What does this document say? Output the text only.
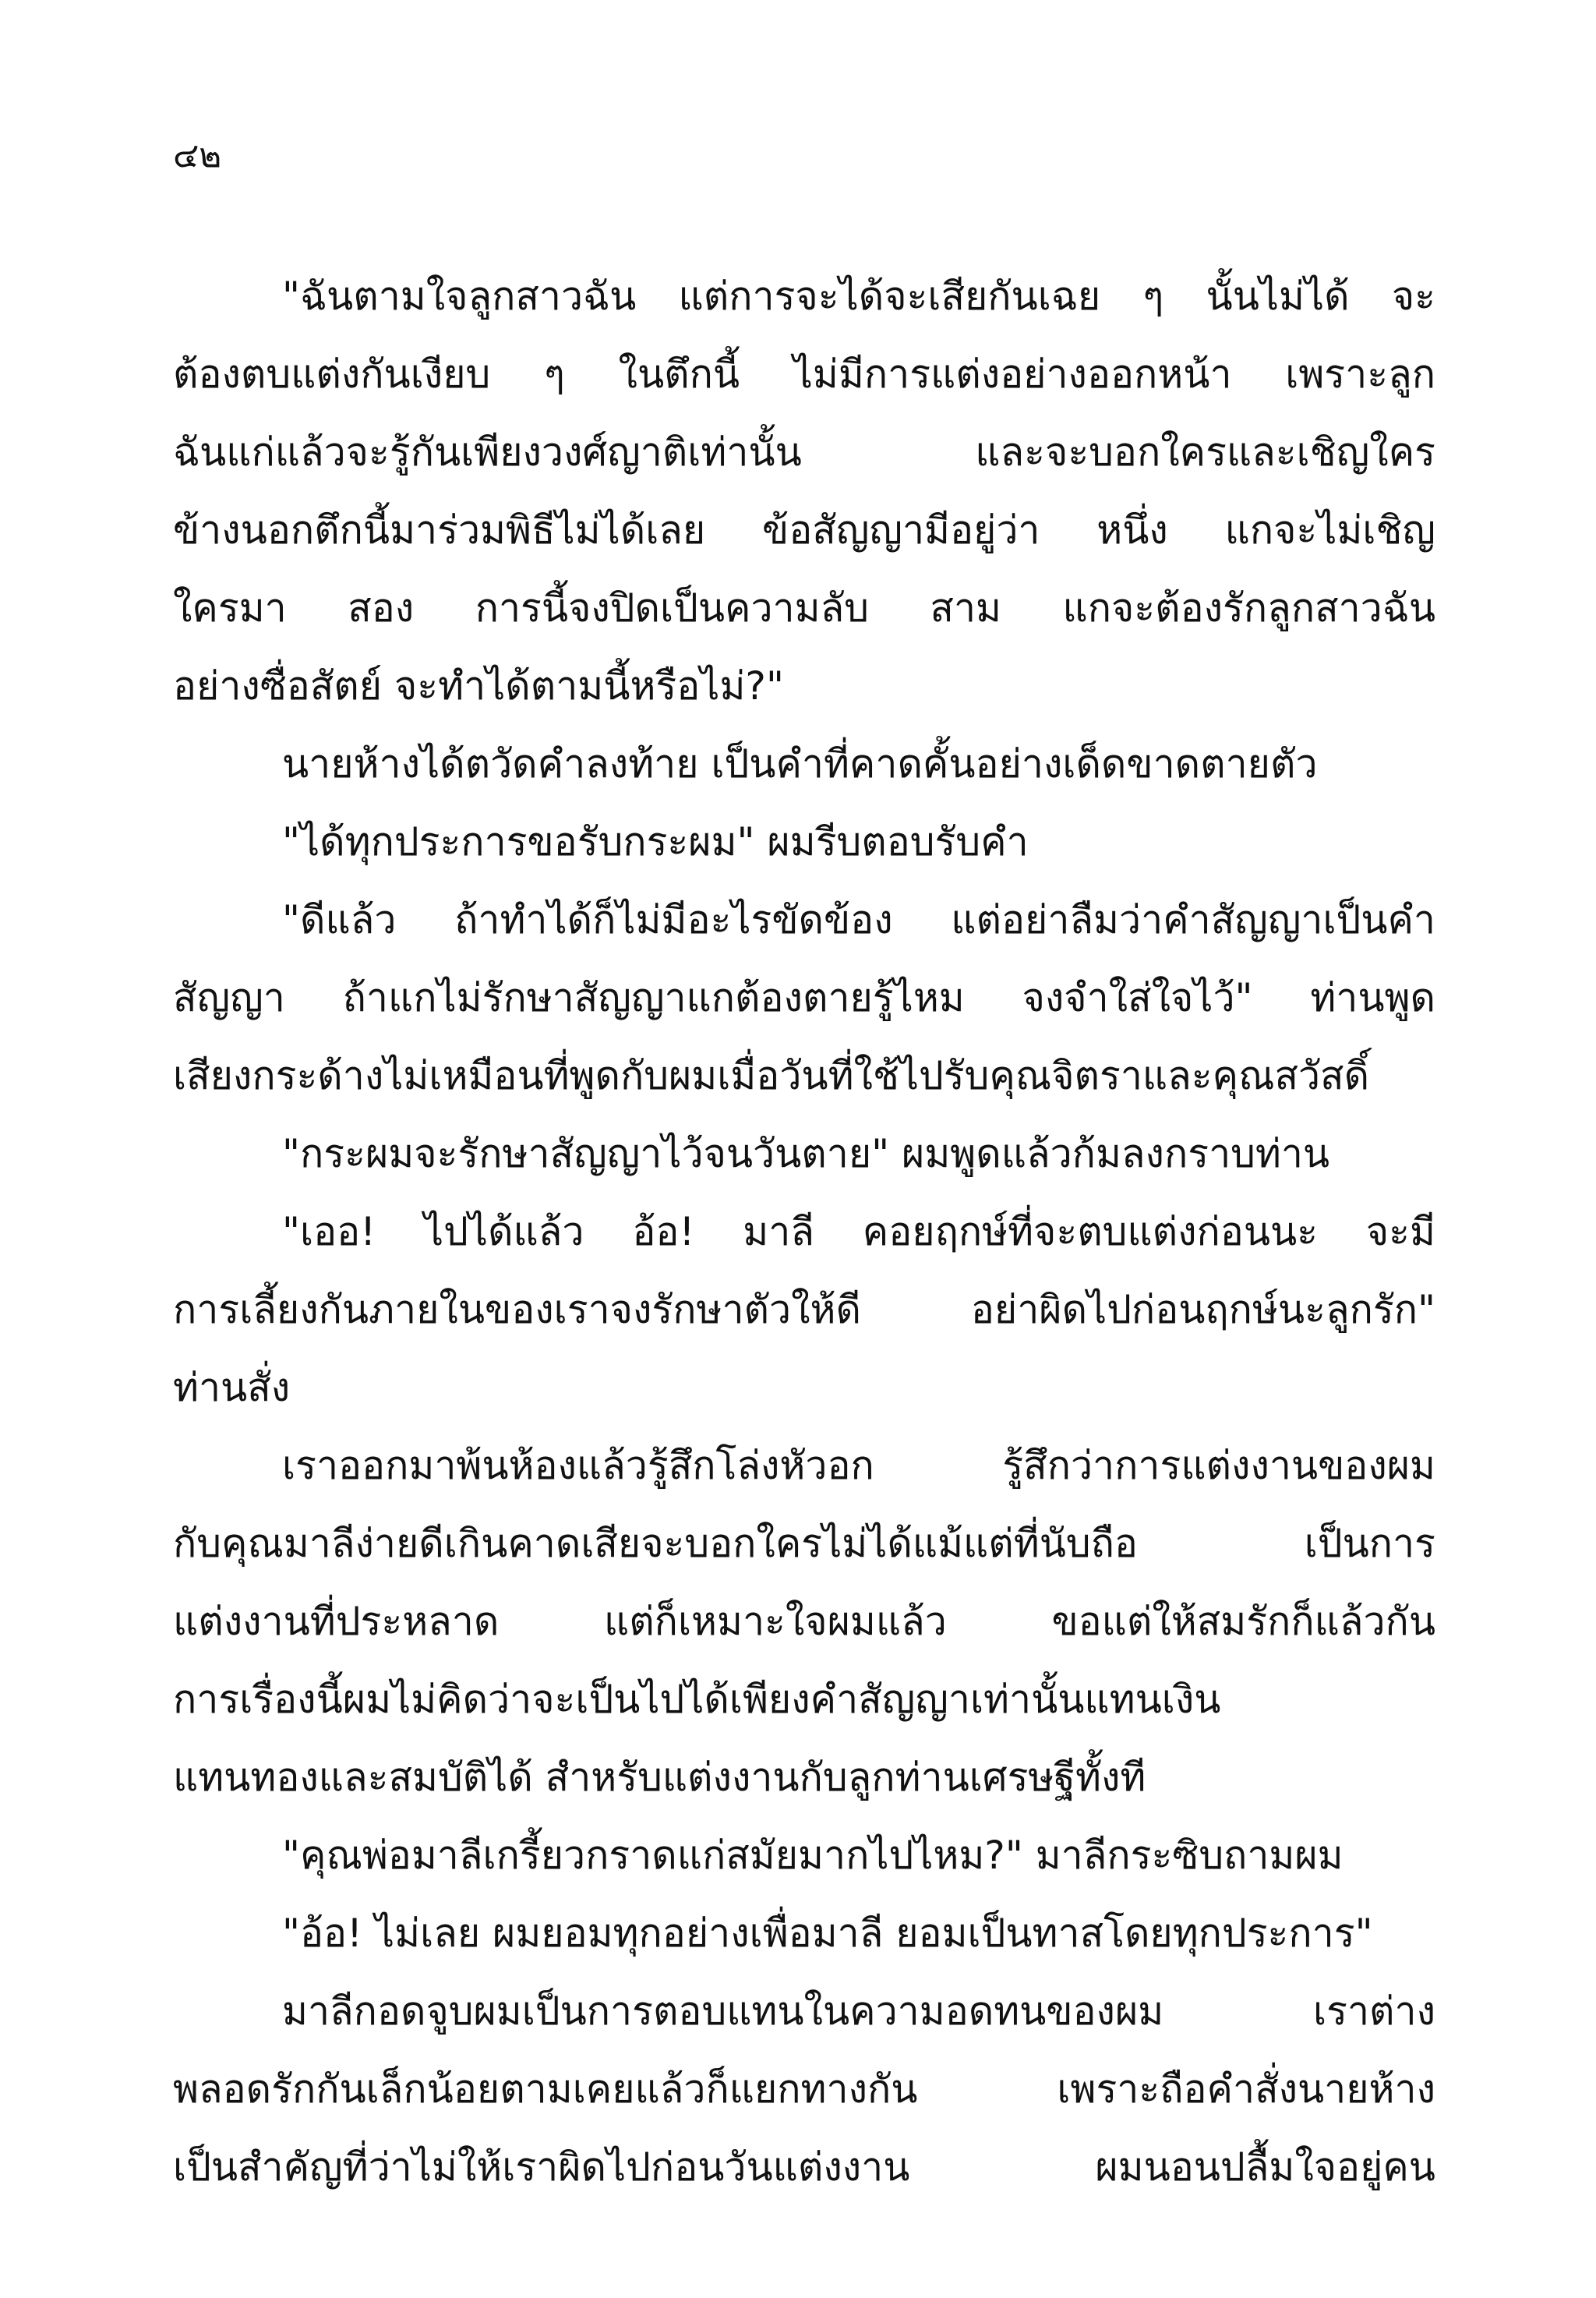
๔๒
"ฉันตามใจลูกสาวฉัน แต่การจะได้จะเสียกันเฉย ๆ นั้นไม่ได้ จะ
ต้องตบแต่งกันเงียบ ๆ ในตึกนี้ ไม่มีการแต่งอย่างออกหน้า เพราะลูก
ฉันแก่แล้วจะรู้กันเพียงวงศ์ญาติเท่านั้น และจะบอกใครและเชิญใคร
ข้างนอกตึกนี้มาร่วมพิธีไม่ได้เลย ข้อสัญญามีอยู่ว่า หนึ่ง แกจะไม่เชิญ
ใครมา สอง การนี้จงปิดเป็นความลับ สาม แกจะต้องรักลูกสาวฉัน
อย่างซื่อสัตย์ จะทำได้ตามนี้หรือไม่?"
นายห้างได้ตวัดคำลงท้าย เป็นคำที่คาดคั้นอย่างเด็ดขาดตายตัว
"ได้ทุกประการขอรับกระผม" ผมรีบตอบรับคำ
"ดีแล้ว ถ้าทำได้ก็ไม่มีอะไรขัดข้อง แต่อย่าลืมว่าคำสัญญาเป็นคำ
สัญญา ถ้าแกไม่รักษาสัญญาแกต้องตายรู้ไหม จงจำใส่ใจไว้" ท่านพูด
เสียงกระด้างไม่เหมือนที่พูดกับผมเมื่อวันที่ใช้ไปรับคุณจิตราและคุณสวัสดิ์
"กระผมจะรักษาสัญญาไว้จนวันตาย" ผมพูดแล้วก้มลงกราบท่าน
"เออ! ไปได้แล้ว อ้อ! มาลี คอยฤกษ์ที่จะตบแต่งก่อนนะ จะมี
การเลี้ยงกันภายในของเราจงรักษาตัวให้ดี อย่าผิดไปก่อนฤกษ์นะลูกรัก"
ท่านสั่ง
เราออกมาพ้นห้องแล้วรู้สึกโล่งหัวอก รู้สึกว่าการแต่งงานของผม
กับคุณมาลีง่ายดีเกินคาดเสียจะบอกใครไม่ได้แม้แต่ที่นับถือ เป็นการ
แต่งงานที่ประหลาด แต่ก็เหมาะใจผมแล้ว ขอแต่ให้สมรักก็แล้วกัน
การเรื่องนี้ผมไม่คิดว่าจะเป็นไปได้เพียงคำสัญญาเท่านั้นแทนเงิน
แทนทองและสมบัติได้ สำหรับแต่งงานกับลูกท่านเศรษฐีทั้งที
"คุณพ่อมาลีเกรี้ยวกราดแก่สมัยมากไปไหม?" มาลีกระซิบถามผม
"อ้อ! ไม่เลย ผมยอมทุกอย่างเพื่อมาลี ยอมเป็นทาสโดยทุกประการ"
มาลีกอดจูบผมเป็นการตอบแทนในความอดทนของผม เราต่าง
พลอดรักกันเล็กน้อยตามเคยแล้วก็แยกทางกัน เพราะถือคำสั่งนายห้าง
เป็นสำคัญที่ว่าไม่ให้เราผิดไปก่อนวันแต่งงาน ผมนอนปลื้มใจอยู่คน
